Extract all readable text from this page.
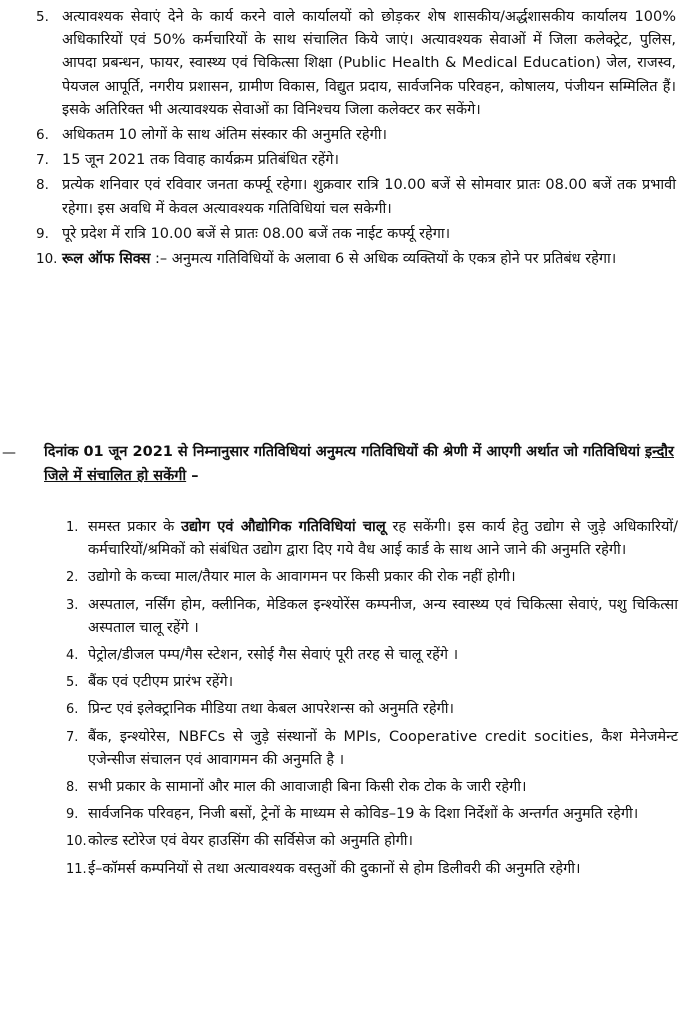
5. अत्यावश्यक सेवाएं देने के कार्य करने वाले कार्यालयों को छोड़कर शेष शासकीय/अर्द्धशासकीय कार्यालय 100% अधिकारियों एवं 50% कर्मचारियों के साथ संचालित किये जाएं। अत्यावश्यक सेवाओं में जिला कलेक्ट्रेट, पुलिस, आपदा प्रबन्धन, फायर, स्वास्थ्य एवं चिकित्सा शिक्षा (Public Health & Medical Education) जेल, राजस्व, पेयजल आपूर्ति, नगरीय प्रशासन, ग्रामीण विकास, विद्युत प्रदाय, सार्वजनिक परिवहन, कोषालय, पंजीयन सम्मिलित हैं। इसके अतिरिक्त भी अत्यावश्यक सेवाओं का विनिश्चय जिला कलेक्टर कर सकेंगे।
6. अधिकतम 10 लोगों के साथ अंतिम संस्कार की अनुमति रहेगी।
7. 15 जून 2021 तक विवाह कार्यक्रम प्रतिबंधित रहेंगे।
8. प्रत्येक शनिवार एवं रविवार जनता कर्फ्यू रहेगा। शुक्रवार रात्रि 10.00 बजें से सोमवार प्रातः 08.00 बजें तक प्रभावी रहेगा। इस अवधि में केवल अत्यावश्यक गतिविधियां चल सकेगी।
9. पूरे प्रदेश में रात्रि 10.00 बजें से प्रातः 08.00 बजें तक नाईट कर्फ्यू रहेगा।
10. रूल ऑफ सिक्स :– अनुमत्य गतिविधियों के अलावा 6 से अधिक व्यक्तियों के एकत्र होने पर प्रतिबंध रहेगा।
— दिनांक 01 जून 2021 से निम्नानुसार गतिविधियां अनुमत्य गतिविधियों की श्रेणी में आएगी अर्थात जो गतिविधियां इन्दौर जिले में संचालित हो सकेंगी –

1. समस्त प्रकार के उद्योग एवं औद्योगिक गतिविधियां चालू रह सकेंगी। इस कार्य हेतु उद्योग से जुड़े अधिकारियों/कर्मचारियों/श्रमिकों को संबंधित उद्योग द्वारा दिए गये वैध आई कार्ड के साथ आने जाने की अनुमति रहेगी।
2. उद्योगो के कच्चा माल/तैयार माल के आवागमन पर किसी प्रकार की रोक नहीं होगी।
3. अस्पताल, नर्सिंग होम, क्लीनिक, मेडिकल इन्श्योरेंस कम्पनीज, अन्य स्वास्थ्य एवं चिकित्सा सेवाएं, पशु चिकित्सा अस्पताल चालू रहेंगे ।
4. पेट्रोल/डीजल पम्प/गैस स्टेशन, रसोई गैस सेवाएं पूरी तरह से चालू रहेंगे ।
5. बैंक एवं एटीएम प्रारंभ रहेंगे।
6. प्रिन्ट एवं इलेक्ट्रानिक मीडिया तथा केबल आपरेशन्स को अनुमति रहेगी।
7. बैंक, इन्श्योरेस, NBFCs से जुड़े संस्थानों के MPIs, Cooperative credit socities, कैश मेनेजमेन्ट एजेन्सीज संचालन एवं आवागमन की अनुमति है ।
8. सभी प्रकार के सामानों और माल की आवाजाही बिना किसी रोक टोक के जारी रहेगी।
9. सार्वजनिक परिवहन, निजी बसों, ट्रेनों के माध्यम से कोविड–19 के दिशा निर्देशों के अन्तर्गत अनुमति रहेगी।
10. कोल्ड स्टोरेज एवं वेयर हाउसिंग की सर्विसेज को अनुमति होगी।
11. ई–कॉमर्स कम्पनियों से तथा अत्यावश्यक वस्तुओं की दुकानों से होम डिलीवरी की अनुमति रहेगी।
